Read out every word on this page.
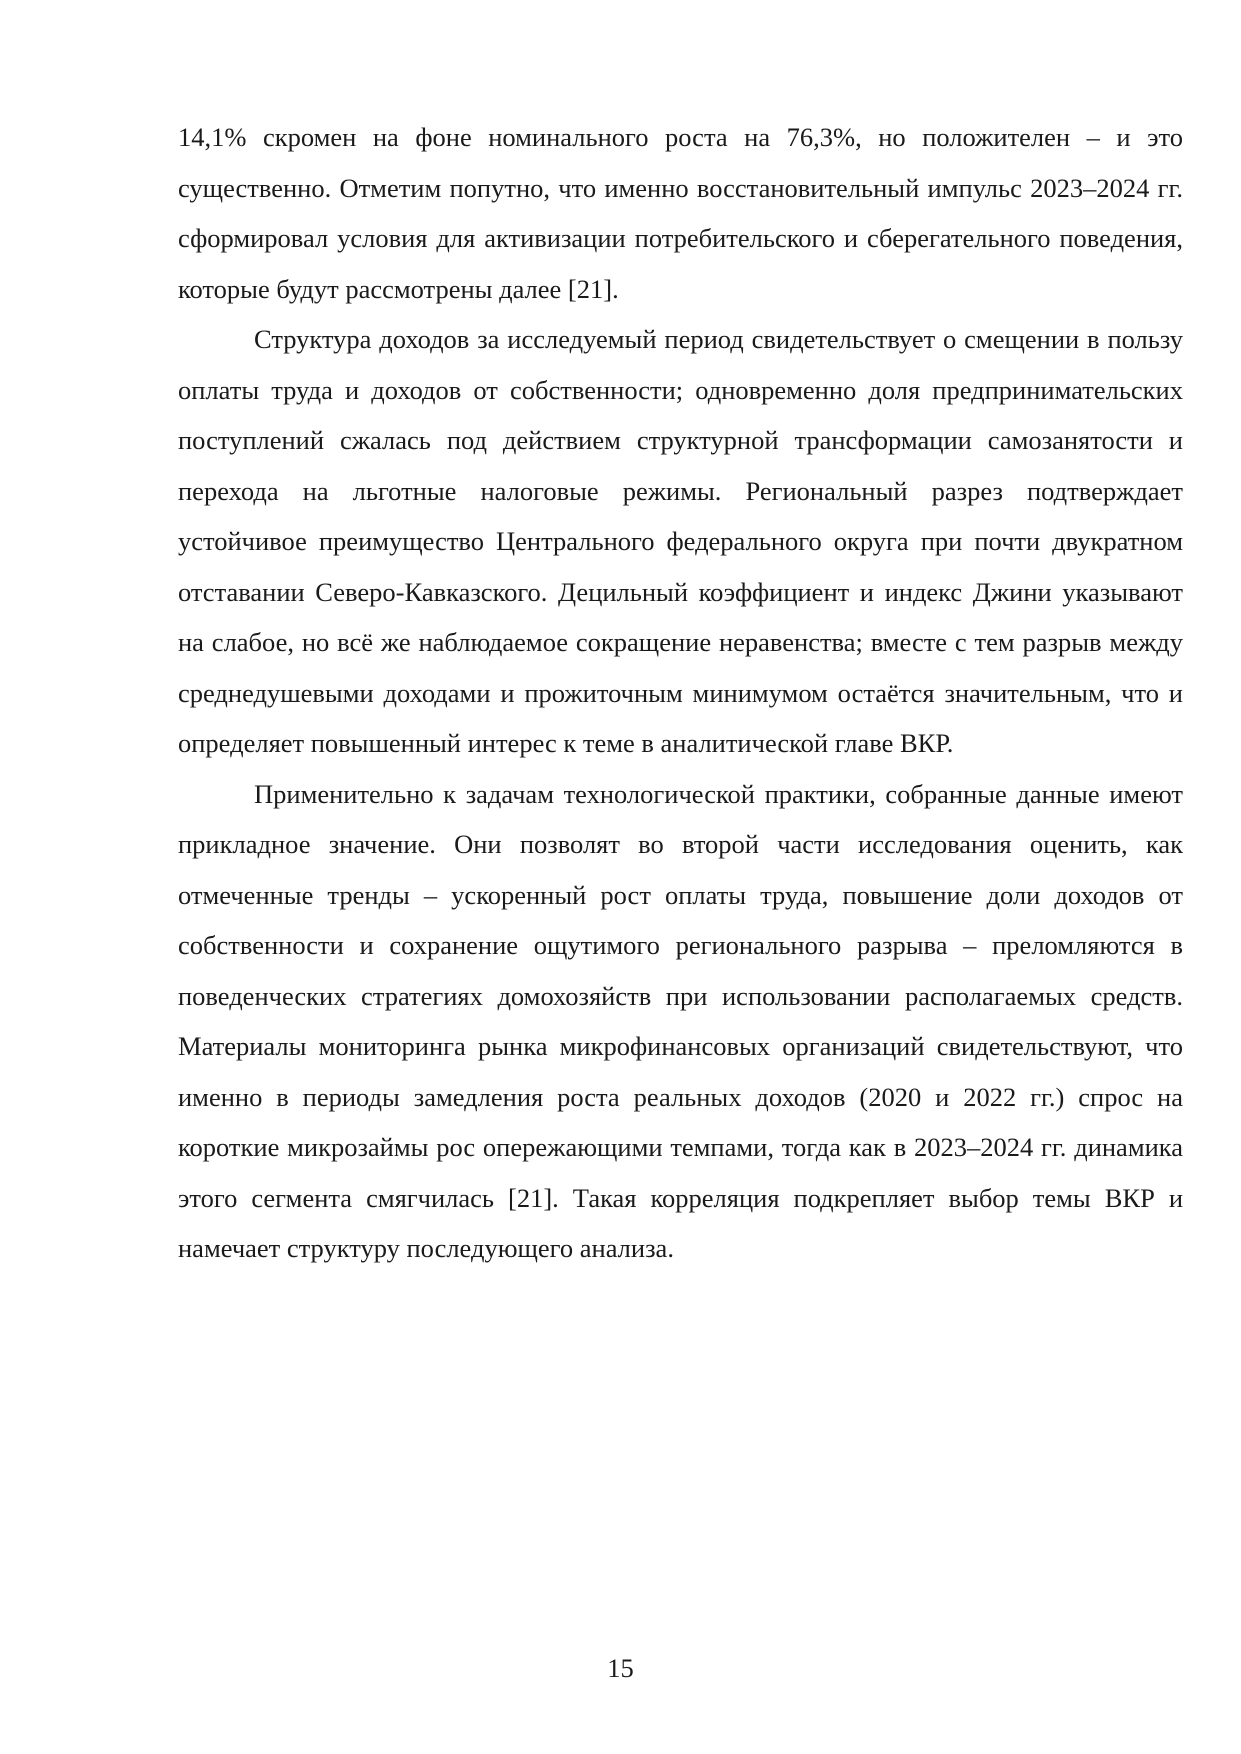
14,1% скромен на фоне номинального роста на 76,3%, но положителен – и это существенно. Отметим попутно, что именно восстановительный импульс 2023–2024 гг. сформировал условия для активизации потребительского и сберегательного поведения, которые будут рассмотрены далее [21].

Структура доходов за исследуемый период свидетельствует о смещении в пользу оплаты труда и доходов от собственности; одновременно доля предпринимательских поступлений сжалась под действием структурной трансформации самозанятости и перехода на льготные налоговые режимы. Региональный разрез подтверждает устойчивое преимущество Центрального федерального округа при почти двукратном отставании Северо-Кавказского. Децильный коэффициент и индекс Джини указывают на слабое, но всё же наблюдаемое сокращение неравенства; вместе с тем разрыв между среднедушевыми доходами и прожиточным минимумом остаётся значительным, что и определяет повышенный интерес к теме в аналитической главе ВКР.

Применительно к задачам технологической практики, собранные данные имеют прикладное значение. Они позволят во второй части исследования оценить, как отмеченные тренды – ускоренный рост оплаты труда, повышение доли доходов от собственности и сохранение ощутимого регионального разрыва – преломляются в поведенческих стратегиях домохозяйств при использовании располагаемых средств. Материалы мониторинга рынка микрофинансовых организаций свидетельствуют, что именно в периоды замедления роста реальных доходов (2020 и 2022 гг.) спрос на короткие микрозаймы рос опережающими темпами, тогда как в 2023–2024 гг. динамика этого сегмента смягчилась [21]. Такая корреляция подкрепляет выбор темы ВКР и намечает структуру последующего анализа.

15
